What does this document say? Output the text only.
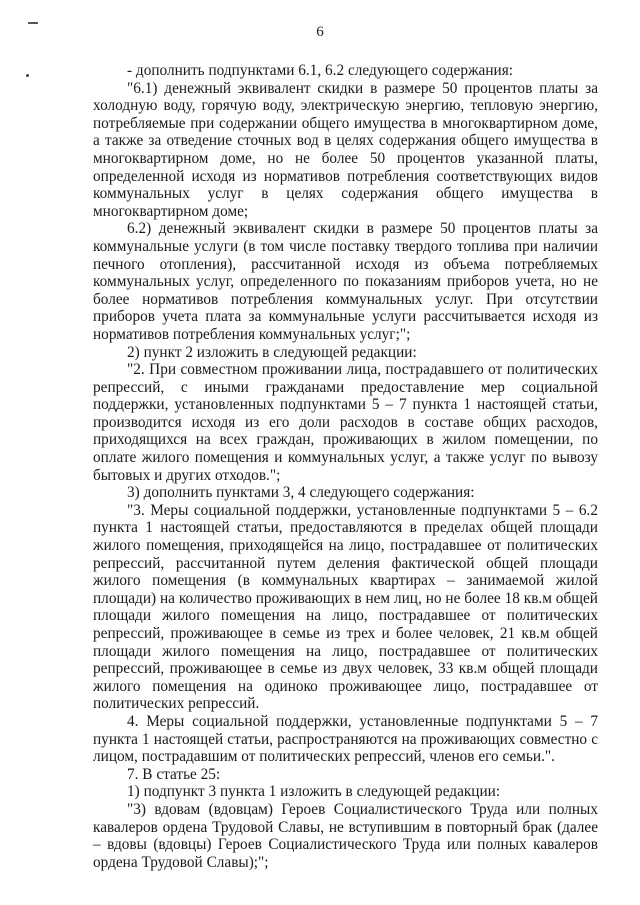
6

- дополнить подпунктами 6.1, 6.2 следующего содержания:

"6.1) денежный эквивалент скидки в размере 50 процентов платы за холодную воду, горячую воду, электрическую энергию, тепловую энергию, потребляемые при содержании общего имущества в многоквартирном доме, а также за отведение сточных вод в целях содержания общего имущества в многоквартирном доме, но не более 50 процентов указанной платы, определенной исходя из нормативов потребления соответствующих видов коммунальных услуг в целях содержания общего имущества в многоквартирном доме;

6.2) денежный эквивалент скидки в размере 50 процентов платы за коммунальные услуги (в том числе поставку твердого топлива при наличии печного отопления), рассчитанной исходя из объема потребляемых коммунальных услуг, определенного по показаниям приборов учета, но не более нормативов потребления коммунальных услуг. При отсутствии приборов учета плата за коммунальные услуги рассчитывается исходя из нормативов потребления коммунальных услуг;";

2) пункт 2 изложить в следующей редакции:

"2. При совместном проживании лица, пострадавшего от политических репрессий, с иными гражданами предоставление мер социальной поддержки, установленных подпунктами 5 – 7 пункта 1 настоящей статьи, производится исходя из его доли расходов в составе общих расходов, приходящихся на всех граждан, проживающих в жилом помещении, по оплате жилого помещения и коммунальных услуг, а также услуг по вывозу бытовых и других отходов.";

3) дополнить пунктами 3, 4 следующего содержания:

"3. Меры социальной поддержки, установленные подпунктами 5 – 6.2 пункта 1 настоящей статьи, предоставляются в пределах общей площади жилого помещения, приходящейся на лицо, пострадавшее от политических репрессий, рассчитанной путем деления фактической общей площади жилого помещения (в коммунальных квартирах – занимаемой жилой площади) на количество проживающих в нем лиц, но не более 18 кв.м общей площади жилого помещения на лицо, пострадавшее от политических репрессий, проживающее в семье из трех и более человек, 21 кв.м общей площади жилого помещения на лицо, пострадавшее от политических репрессий, проживающее в семье из двух человек, 33 кв.м общей площади жилого помещения на одиноко проживающее лицо, пострадавшее от политических репрессий.

4. Меры социальной поддержки, установленные подпунктами 5 – 7 пункта 1 настоящей статьи, распространяются на проживающих совместно с лицом, пострадавшим от политических репрессий, членов его семьи.".

7. В статье 25:

1) подпункт 3 пункта 1 изложить в следующей редакции:

"3) вдовам (вдовцам) Героев Социалистического Труда или полных кавалеров ордена Трудовой Славы, не вступившим в повторный брак (далее – вдовы (вдовцы) Героев Социалистического Труда или полных кавалеров ордена Трудовой Славы);";
